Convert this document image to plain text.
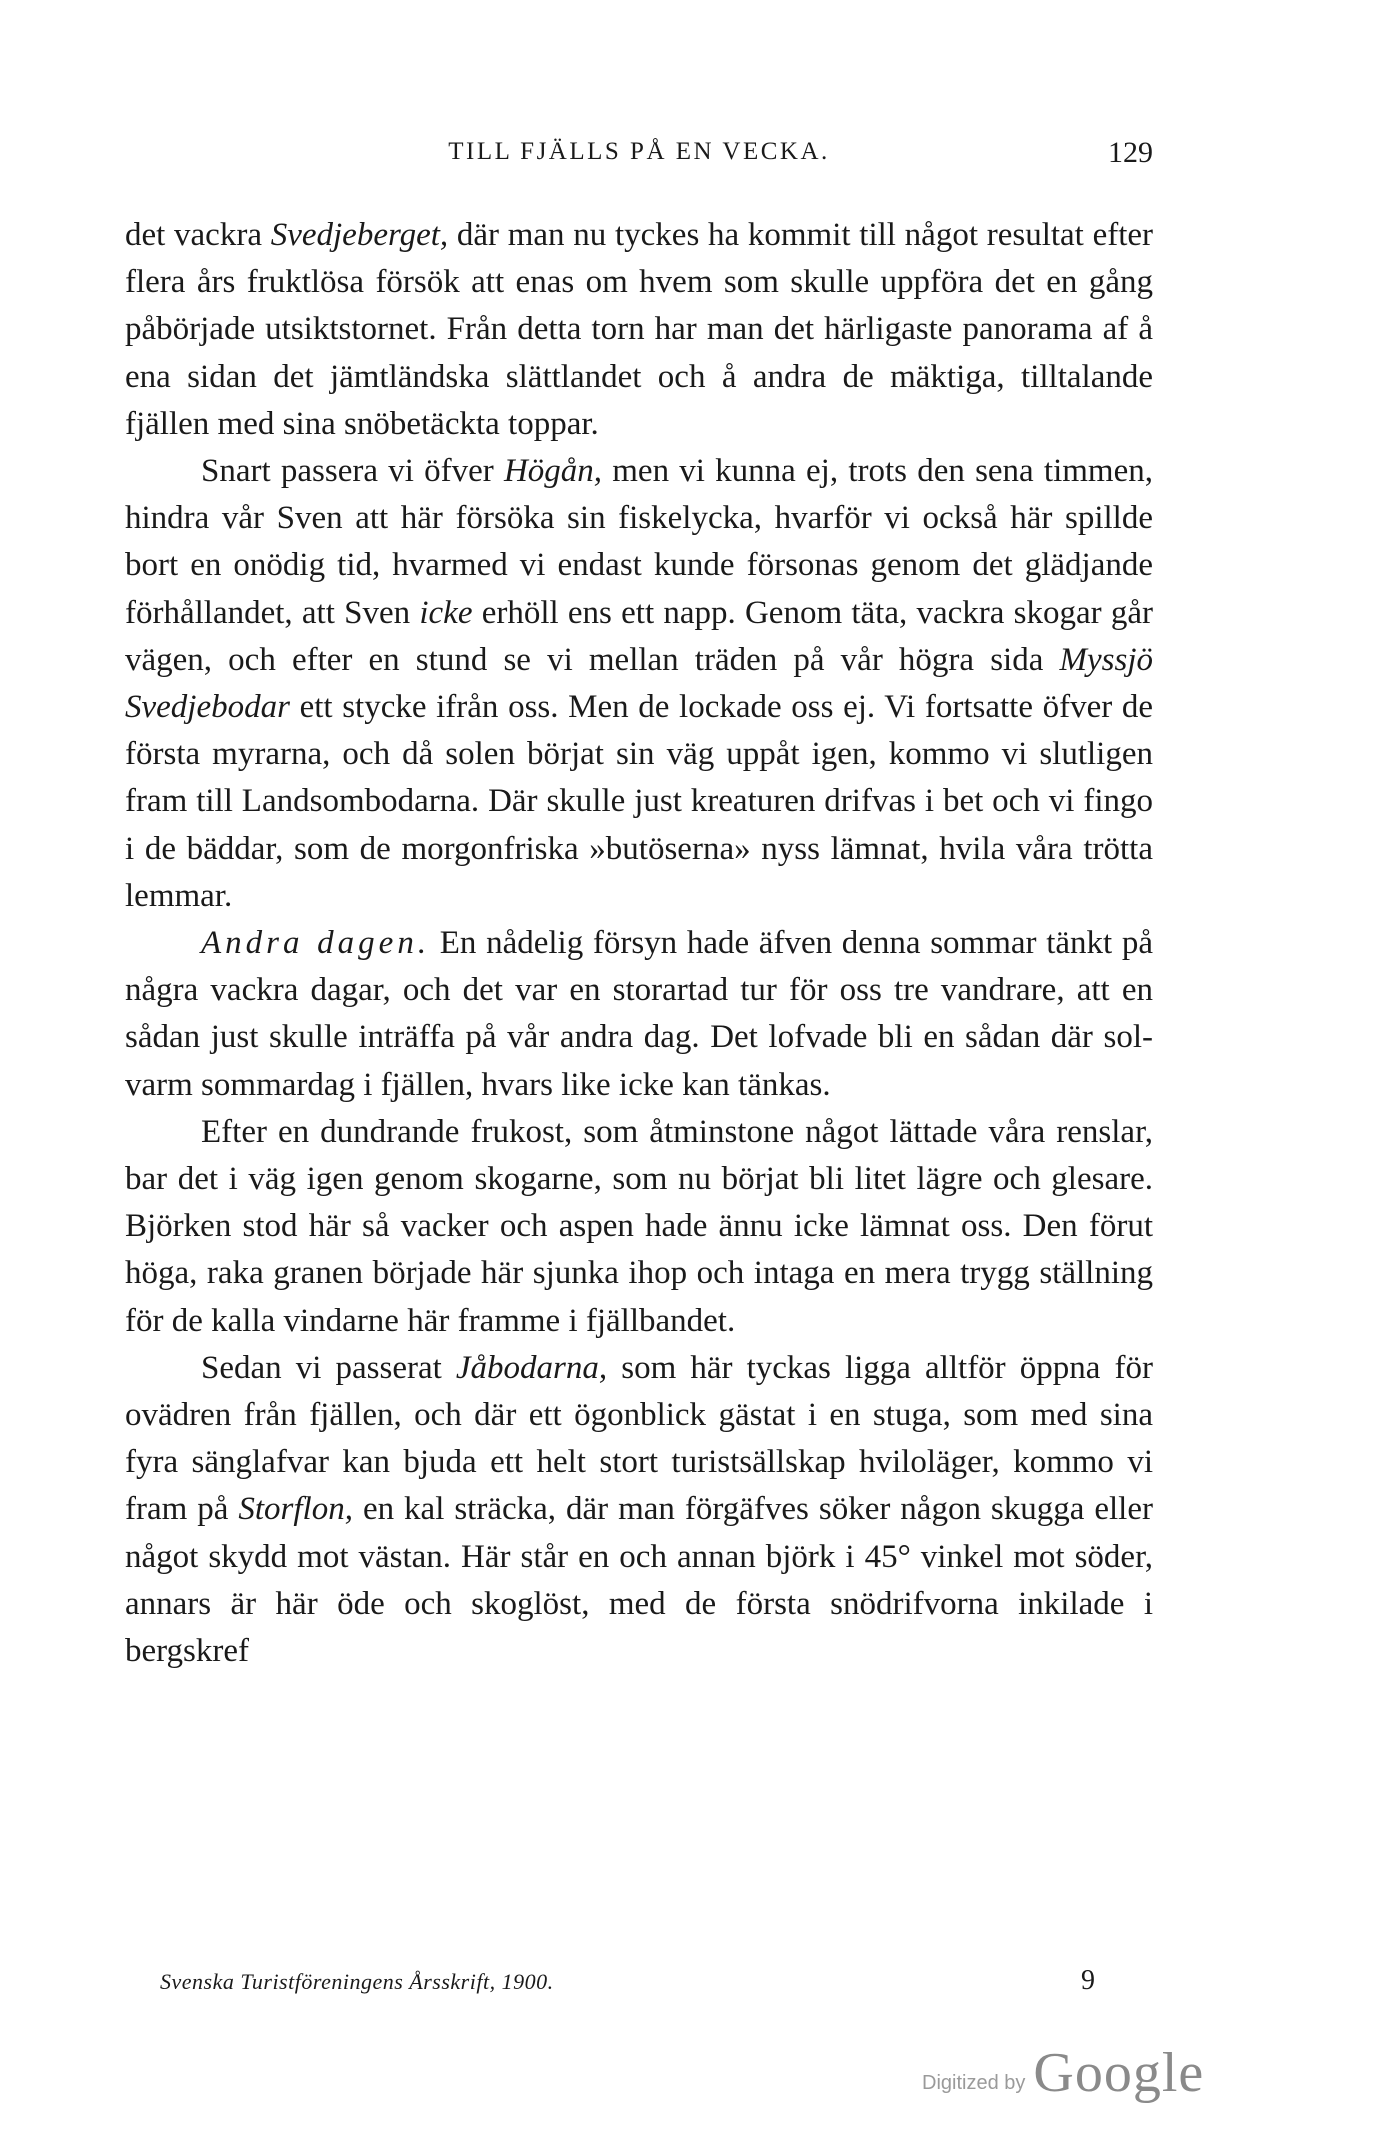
TILL FJÄLLS PÅ EN VECKA.	129

det vackra Svedjeberget, där man nu tyckes ha kommit till något resultat efter flera års fruktlösa försök att enas om hvem som skulle uppföra det en gång påbörjade utsiktstornet. Från detta torn har man det härligaste panorama af å ena sidan det jämtländska slättlandet och å andra de mäktiga, tilltalande fjällen med sina snöbetäckta toppar.

Snart passera vi öfver Högån, men vi kunna ej, trots den sena timmen, hindra vår Sven att här försöka sin fiskelycka, hvarför vi också här spillde bort en onödig tid, hvarmed vi endast kunde försonas genom det glädjande förhållandet, att Sven icke erhöll ens ett napp. Genom täta, vackra skogar går vägen, och efter en stund se vi mellan träden på vår högra sida Myssjö Svedjebodar ett stycke ifrån oss. Men de lockade oss ej. Vi fortsatte öfver de första myrarna, och då solen börjat sin väg uppåt igen, kommo vi slutligen fram till Landsombodarna. Där skulle just kreaturen drifvas i bet och vi fingo i de bäddar, som de morgonfriska »butöserna» nyss lämnat, hvila våra trötta lemmar.

Andra dagen. En nådelig försyn hade äfven denna sommar tänkt på några vackra dagar, och det var en storartad tur för oss tre vandrare, att en sådan just skulle inträffa på vår andra dag. Det lofvade bli en sådan där solvarm sommardag i fjällen, hvars like icke kan tänkas.

Efter en dundrande frukost, som åtminstone något lättade våra renslar, bar det i väg igen genom skogarne, som nu börjat bli litet lägre och glesare. Björken stod här så vacker och aspen hade ännu icke lämnat oss. Den förut höga, raka granen började här sjunka ihop och intaga en mera trygg ställning för de kalla vindarne här framme i fjällbandet.

Sedan vi passerat Jåbodarna, som här tyckas ligga alltför öppna för ovädren från fjällen, och där ett ögonblick gästat i en stuga, som med sina fyra sänglafvar kan bjuda ett helt stort turistsällskap hviloläger, kommo vi fram på Storflon, en kal sträcka, där man förgäfves söker någon skugga eller något skydd mot västan. Här står en och annan björk i 45° vinkel mot söder, annars är här öde och skoglöst, med de första snödrifvorna inkilade i bergskref

Svenska Turistföreningens Årsskrift, 1900.	9
Digitized by Google
